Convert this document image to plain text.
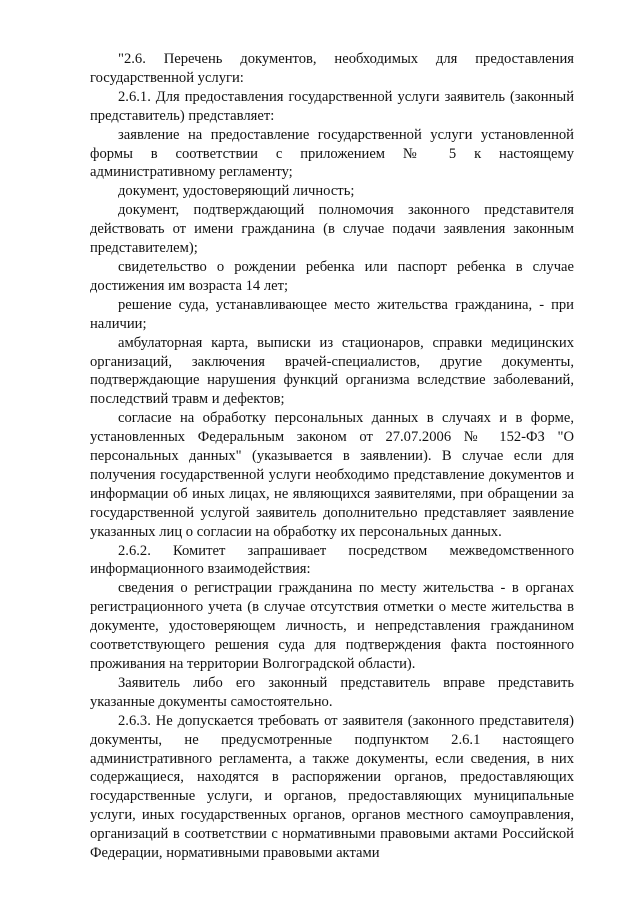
"2.6. Перечень документов, необходимых для предоставления государственной услуги:

2.6.1. Для предоставления государственной услуги заявитель (законный представитель) представляет:

заявление на предоставление государственной услуги установленной формы в соответствии с приложением № 5 к настоящему административному регламенту;

документ, удостоверяющий личность;

документ, подтверждающий полномочия законного представителя действовать от имени гражданина (в случае подачи заявления законным представителем);

свидетельство о рождении ребенка или паспорт ребенка в случае достижения им возраста 14 лет;

решение суда, устанавливающее место жительства гражданина, - при наличии;

амбулаторная карта, выписки из стационаров, справки медицинских организаций, заключения врачей-специалистов, другие документы, подтверждающие нарушения функций организма вследствие заболеваний, последствий травм и дефектов;

согласие на обработку персональных данных в случаях и в форме, установленных Федеральным законом от 27.07.2006 № 152-ФЗ "О персональных данных" (указывается в заявлении). В случае если для получения государственной услуги необходимо представление документов и информации об иных лицах, не являющихся заявителями, при обращении за государственной услугой заявитель дополнительно представляет заявление указанных лиц о согласии на обработку их персональных данных.

2.6.2. Комитет запрашивает посредством межведомственного информационного взаимодействия:

сведения о регистрации гражданина по месту жительства - в органах регистрационного учета (в случае отсутствия отметки о месте жительства в документе, удостоверяющем личность, и непредставления гражданином соответствующего решения суда для подтверждения факта постоянного проживания на территории Волгоградской области).

Заявитель либо его законный представитель вправе представить указанные документы самостоятельно.

2.6.3. Не допускается требовать от заявителя (законного представителя) документы, не предусмотренные подпунктом 2.6.1 настоящего административного регламента, а также документы, если сведения, в них содержащиеся, находятся в распоряжении органов, предоставляющих государственные услуги, и органов, предоставляющих муниципальные услуги, иных государственных органов, органов местного самоуправления, организаций в соответствии с нормативными правовыми актами Российской Федерации, нормативными правовыми актами
